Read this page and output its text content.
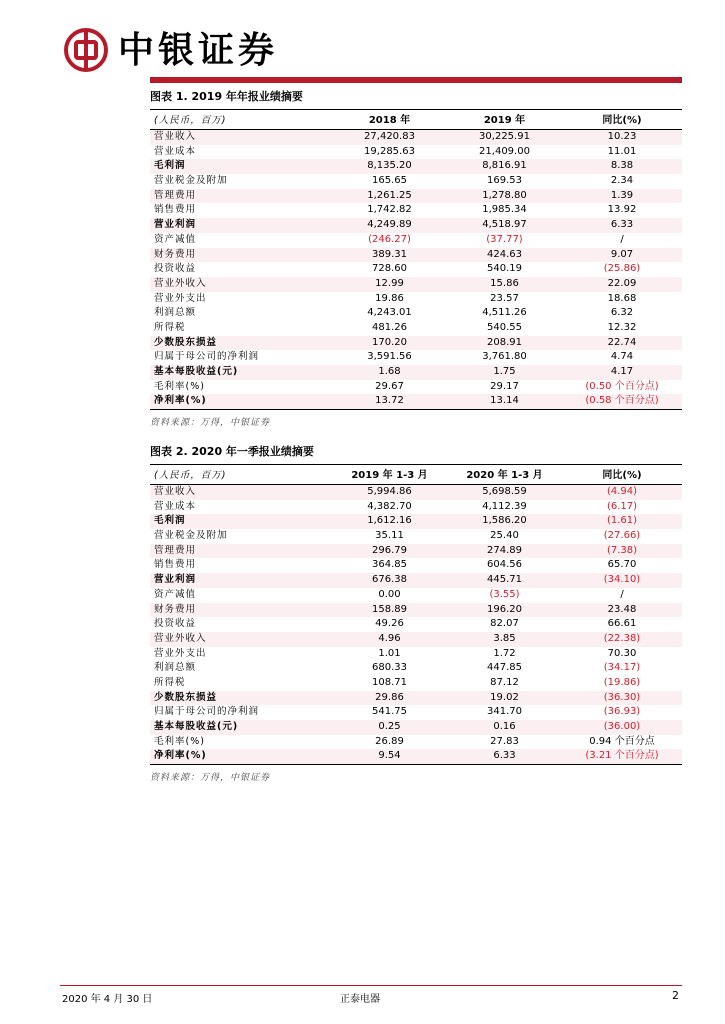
中银证券
图表 1. 2019 年年报业绩摘要
(人民币，百万)	2018 年	2019 年	同比(%)
营业收入	27,420.83	30,225.91	10.23
营业成本	19,285.63	21,409.00	11.01
毛利润	8,135.20	8,816.91	8.38
营业税金及附加	165.65	169.53	2.34
管理费用	1,261.25	1,278.80	1.39
销售费用	1,742.82	1,985.34	13.92
营业利润	4,249.89	4,518.97	6.33
资产减值	(246.27)	(37.77)	/
财务费用	389.31	424.63	9.07
投资收益	728.60	540.19	(25.86)
营业外收入	12.99	15.86	22.09
营业外支出	19.86	23.57	18.68
利润总额	4,243.01	4,511.26	6.32
所得税	481.26	540.55	12.32
少数股东损益	170.20	208.91	22.74
归属于母公司的净利润	3,591.56	3,761.80	4.74
基本每股收益(元)	1.68	1.75	4.17
毛利率(%)	29.67	29.17	(0.50 个百分点)
净利率(%)	13.72	13.14	(0.58 个百分点)
资料来源：万得，中银证券
图表 2. 2020 年一季报业绩摘要
(人民币，百万)	2019 年 1-3 月	2020 年 1-3 月	同比(%)
营业收入	5,994.86	5,698.59	(4.94)
营业成本	4,382.70	4,112.39	(6.17)
毛利润	1,612.16	1,586.20	(1.61)
营业税金及附加	35.11	25.40	(27.66)
管理费用	296.79	274.89	(7.38)
销售费用	364.85	604.56	65.70
营业利润	676.38	445.71	(34.10)
资产减值	0.00	(3.55)	/
财务费用	158.89	196.20	23.48
投资收益	49.26	82.07	66.61
营业外收入	4.96	3.85	(22.38)
营业外支出	1.01	1.72	70.30
利润总额	680.33	447.85	(34.17)
所得税	108.71	87.12	(19.86)
少数股东损益	29.86	19.02	(36.30)
归属于母公司的净利润	541.75	341.70	(36.93)
基本每股收益(元)	0.25	0.16	(36.00)
毛利率(%)	26.89	27.83	0.94 个百分点
净利率(%)	9.54	6.33	(3.21 个百分点)
资料来源：万得，中银证券
2020 年 4 月 30 日	正泰电器	2
